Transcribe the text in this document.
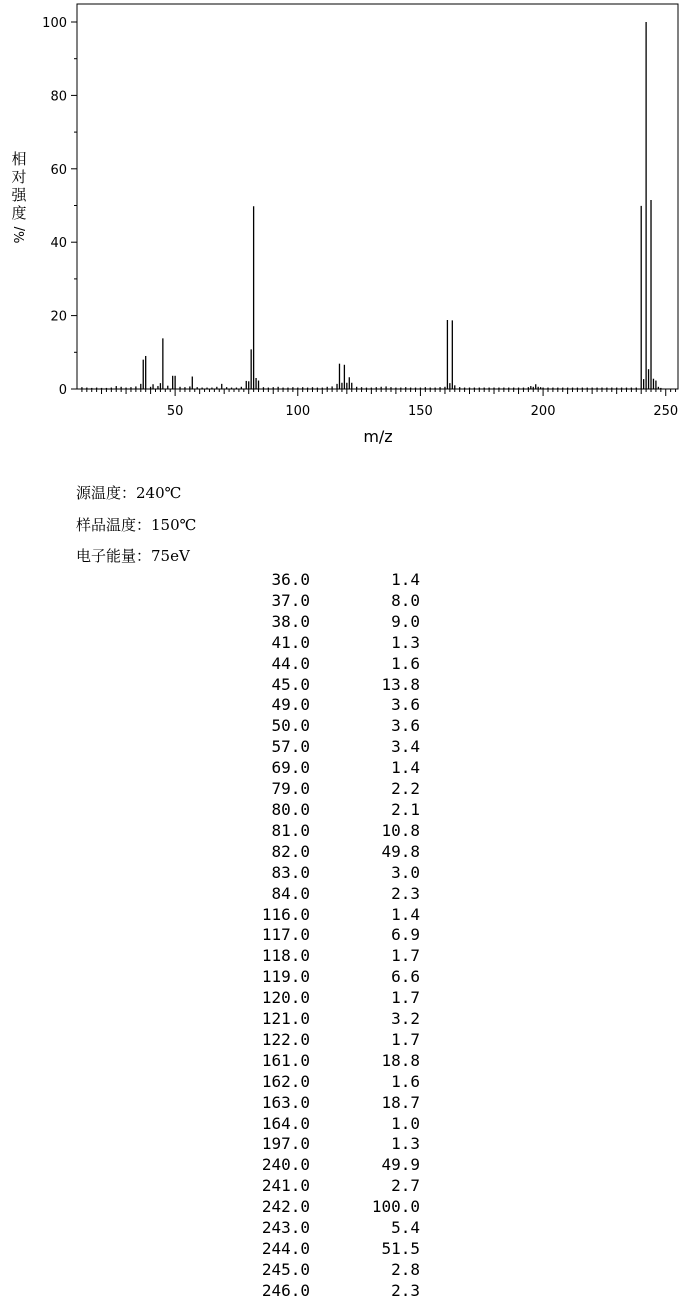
0
20
40
60
80
100
50	100	150	200	250
m/z
相对强度
%/
源温度：240℃
样品温度：150℃
电子能量：75eV
36.0	1.4
37.0	8.0
38.0	9.0
41.0	1.3
44.0	1.6
45.0	13.8
49.0	3.6
50.0	3.6
57.0	3.4
69.0	1.4
79.0	2.2
80.0	2.1
81.0	10.8
82.0	49.8
83.0	3.0
84.0	2.3
116.0	1.4
117.0	6.9
118.0	1.7
119.0	6.6
120.0	1.7
121.0	3.2
122.0	1.7
161.0	18.8
162.0	1.6
163.0	18.7
164.0	1.0
197.0	1.3
240.0	49.9
241.0	2.7
242.0	100.0
243.0	5.4
244.0	51.5
245.0	2.8
246.0	2.3
